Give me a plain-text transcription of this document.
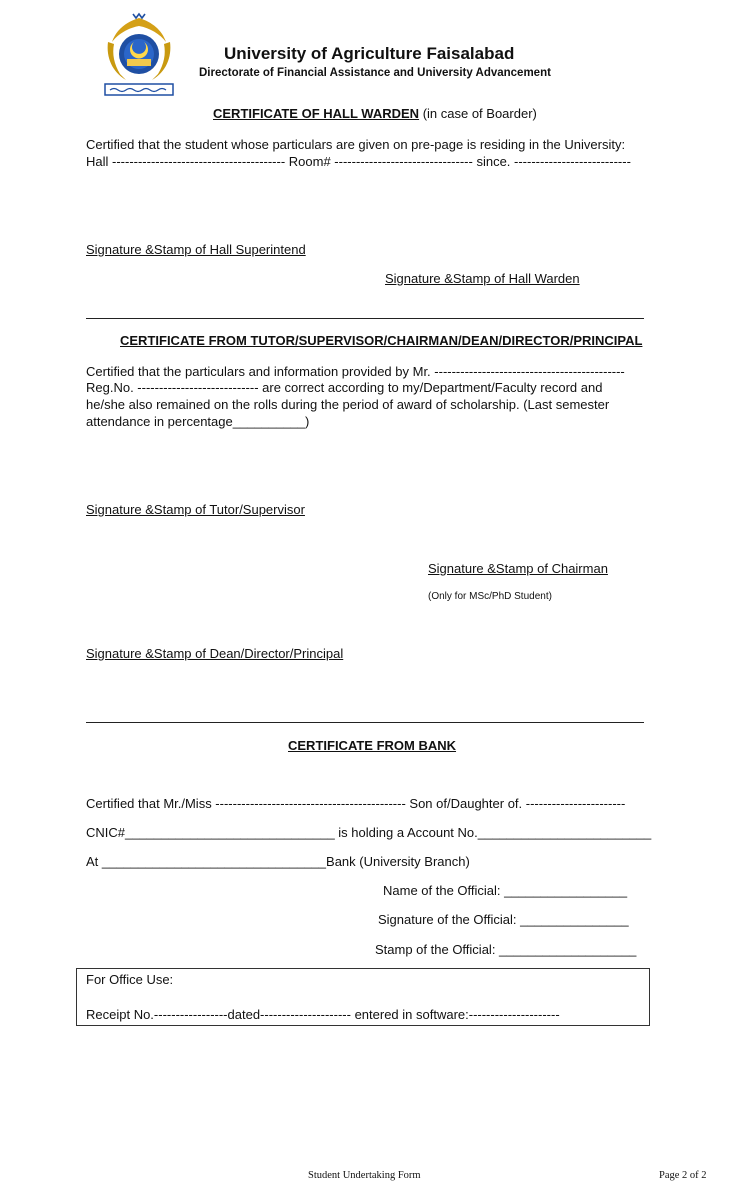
University of Agriculture Faisalabad
Directorate of Financial Assistance and University Advancement
CERTIFICATE OF HALL WARDEN (in case of Boarder)
Certified that the student whose particulars are given on pre-page is residing in the University:
Hall ---------------------------------------- Room# -------------------------------- since. ---------------------------
Signature &Stamp of Hall Superintend
Signature &Stamp of Hall Warden
CERTIFICATE FROM TUTOR/SUPERVISOR/CHAIRMAN/DEAN/DIRECTOR/PRINCIPAL
Certified that the particulars and information provided by Mr. --------------------------------------------
Reg.No. ---------------------------- are correct according to my/Department/Faculty record and
he/she also remained on the rolls during the period of award of scholarship. (Last semester
attendance in percentage__________)
Signature &Stamp of Tutor/Supervisor
Signature &Stamp of Chairman
(Only for MSc/PhD Student)
Signature &Stamp of Dean/Director/Principal
CERTIFICATE FROM BANK
Certified that Mr./Miss -------------------------------------------- Son of/Daughter of. -----------------------
CNIC#_____________________________ is holding a Account No.________________________
At _______________________________Bank (University Branch)
Name of the Official: _________________
Signature of the Official: _______________
Stamp of the Official: ___________________
For Office Use:
Receipt No.-----------------dated--------------------- entered in software:---------------------
Student Undertaking Form	Page 2 of 2
